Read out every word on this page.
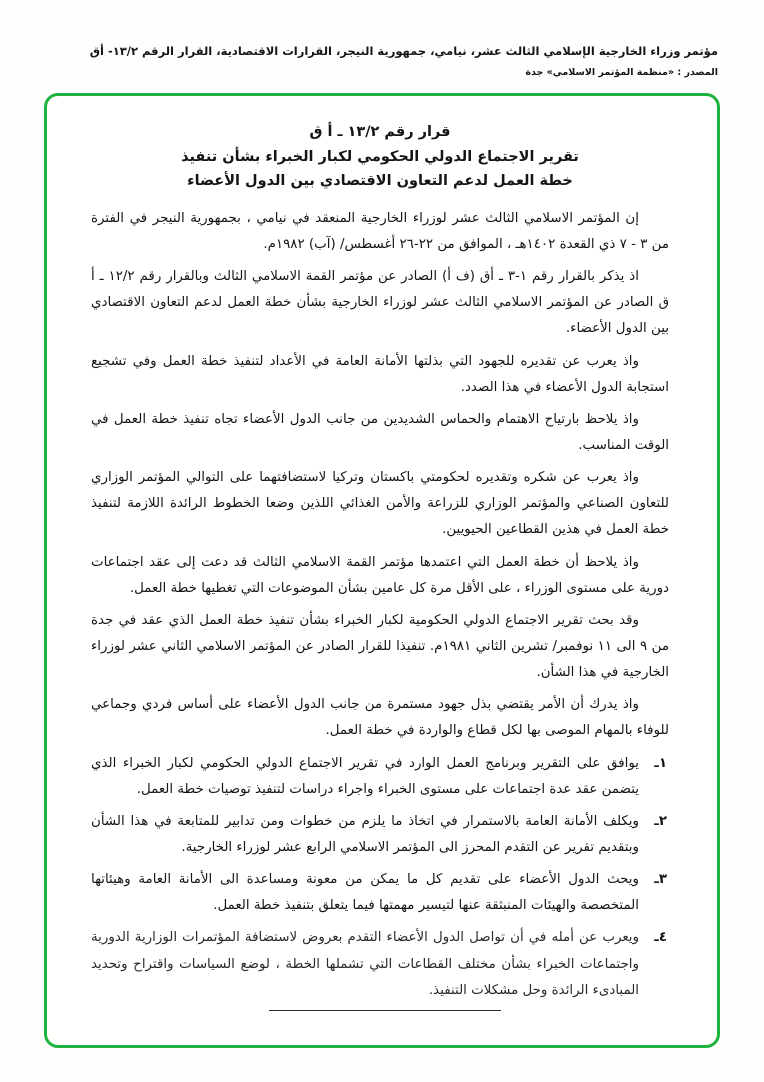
مؤتمر وزراء الخارجية الإسلامي الثالث عشر، نيامي، جمهورية النيجر، القرارات الاقتصادية، القرار الرقم ١٣/٢- أق
المصدر : «منظمة المؤتمر الاسلامي» جدة
قرار رقم ١٣/٢ ـ أ ق
تقرير الاجتماع الدولي الحكومي لكبار الخبراء بشأن تنفيذ
خطة العمل لدعم التعاون الاقتصادي بين الدول الأعضاء

إن المؤتمر الاسلامي الثالث عشر لوزراء الخارجية المنعقد في نيامي ، بجمهورية النيجر في الفترة من ٣ - ٧ ذي القعدة ١٤٠٢هـ ، الموافق من ٢٢-٢٦ أغسطس/ (آب) ١٩٨٢م.

اذ يذكر بالقرار رقم ١-٣ ـ أق (ف أ) الصادر عن مؤتمر القمة الاسلامي الثالث وبالقرار رقم ١٢/٢ ـ أ ق الصادر عن المؤتمر الاسلامي الثالث عشر لوزراء الخارجية بشأن خطة العمل لدعم التعاون الاقتصادي بين الدول الأعضاء.

واذ يعرب عن تقديره للجهود التي بذلتها الأمانة العامة في الأعداد لتنفيذ خطة العمل وفي تشجيع استجابة الدول الأعضاء في هذا الصدد.

واذ يلاحظ بارتياح الاهتمام والحماس الشديدين من جانب الدول الأعضاء تجاه تنفيذ خطة العمل في الوقت المناسب.

واذ يعرب عن شكره وتقديره لحكومتي باكستان وتركيا لاستضافتهما على التوالي المؤتمر الوزاري للتعاون الصناعي والمؤتمر الوزاري للزراعة والأمن الغذائي اللذين وضعا الخطوط الرائدة اللازمة لتنفيذ خطة العمل في هذين القطاعين الحيويين.

واذ يلاحظ أن خطة العمل التي اعتمدها مؤتمر القمة الاسلامي الثالث قد دعت إلى عقد اجتماعات دورية على مستوى الوزراء ، على الأقل مرة كل عامين بشأن الموضوعات التي تغطيها خطة العمل.

وقد بحث تقرير الاجتماع الدولي الحكومية لكبار الخبراء بشأن تنفيذ خطة العمل الذي عقد في جدة من ٩ الى ١١ نوفمبر/ تشرين الثاني ١٩٨١م. تنفيذا للقرار الصادر عن المؤتمر الاسلامي الثاني عشر لوزراء الخارجية في هذا الشأن.

واذ يدرك أن الأمر يقتضي بذل جهود مستمرة من جانب الدول الأعضاء على أساس فردي وجماعي للوفاء بالمهام الموصى بها لكل قطاع والواردة في خطة العمل.

١ـ
يوافق على التقرير وبرنامج العمل الوارد في تقرير الاجتماع الدولي الحكومي لكبار الخبراء الذي يتضمن عقد عدة اجتماعات على مستوى الخبراء واجراء دراسات لتنفيذ توصيات خطة العمل.
٢ـ
ويكلف الأمانة العامة بالاستمرار في اتخاذ ما يلزم من خطوات ومن تدابير للمتابعة في هذا الشأن وبتقديم تقرير عن التقدم المحرز الى المؤتمر الاسلامي الرابع عشر لوزراء الخارجية.
٣ـ
ويحث الدول الأعضاء على تقديم كل ما يمكن من معونة ومساعدة الى الأمانة العامة وهيئاتها المتخصصة والهيئات المنبثقة عنها لتيسير مهمتها فيما يتعلق بتنفيذ خطة العمل.
٤ـ
ويعرب عن أمله في أن تواصل الدول الأعضاء التقدم بعروض لاستضافة المؤتمرات الوزارية الدورية واجتماعات الخبراء بشأن مختلف القطاعات التي تشملها الخطة ، لوضع السياسات واقتراح وتحديد المبادىء الرائدة وحل مشكلات التنفيذ.
